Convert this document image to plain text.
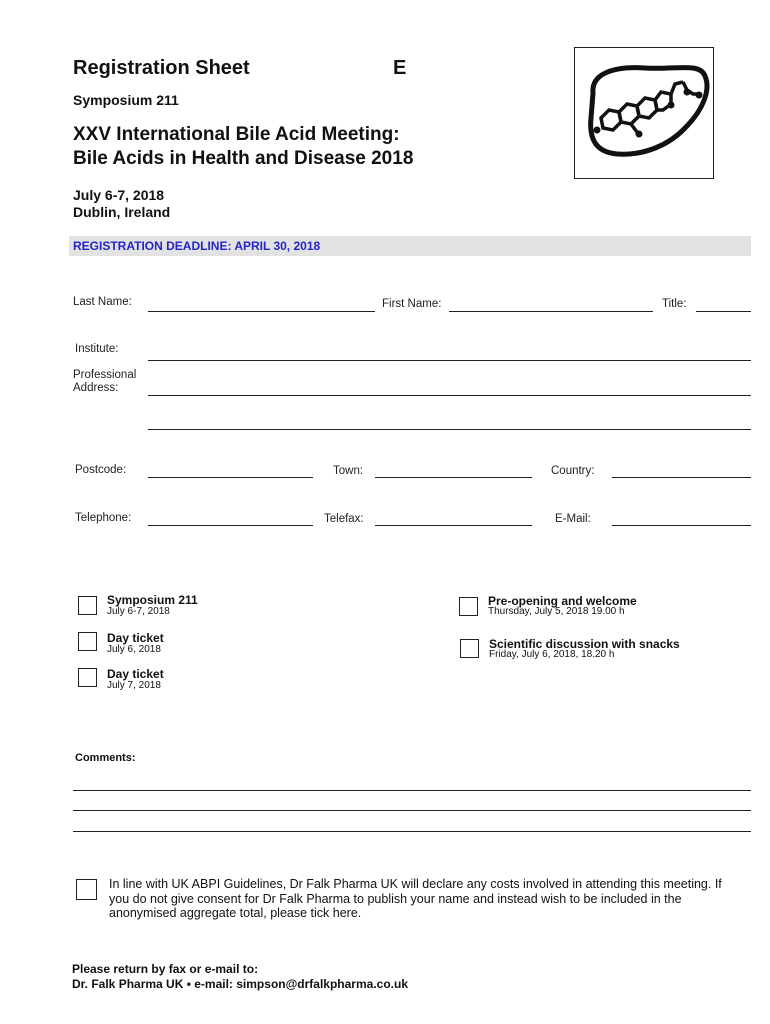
Registration Sheet	E
Symposium 211
XXV International Bile Acid Meeting:
Bile Acids in Health and Disease 2018
July 6-7, 2018
Dublin, Ireland
REGISTRATION DEADLINE: APRIL 30, 2018
Last Name:	First Name:	Title:
Institute:
Professional
Address:
Postcode:	Town:	Country:
Telephone:	Telefax:	E-Mail:
Symposium 211
July 6-7, 2018
Day ticket
July 6, 2018
Day ticket
July 7, 2018
Pre-opening and welcome
Thursday, July 5, 2018 19.00 h
Scientific discussion with snacks
Friday, July 6, 2018, 18.20 h
Comments:
In line with UK ABPI Guidelines, Dr Falk Pharma UK will declare any costs involved in attending this meeting. If
you do not give consent for Dr Falk Pharma to publish your name and instead wish to be included in the
anonymised aggregate total, please tick here.
Please return by fax or e-mail to:
Dr. Falk Pharma UK • e-mail: simpson@drfalkpharma.co.uk
